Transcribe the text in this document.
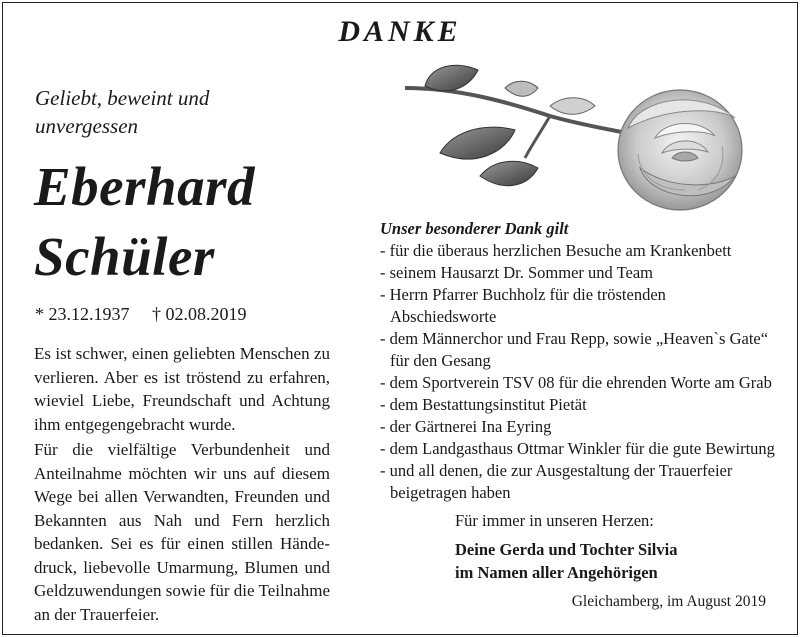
DANKE
Geliebt, beweint und
unvergessen
Eberhard
Schüler
* 23.12.1937 † 02.08.2019
Es ist schwer, einen geliebten Menschen zu verlieren. Aber es ist tröstend zu erfahren, wieviel Liebe, Freundschaft und Achtung ihm entgegengebracht wurde.
Für die vielfältige Verbundenheit und Anteilnahme möchten wir uns auf diesem Wege bei allen Verwandten, Freunden und Bekannten aus Nah und Fern herzlich bedanken. Sei es für einen stillen Händedruck, liebevolle Umarmung, Blumen und Geldzuwendungen sowie für die Teilnahme an der Trauerfeier.
Unser besonderer Dank gilt
- für die überaus herzlichen Besuche am Krankenbett
- seinem Hausarzt Dr. Sommer und Team
- Herrn Pfarrer Buchholz für die tröstenden
Abschiedsworte
- dem Männerchor und Frau Repp, sowie „Heaven`s Gate“
für den Gesang
- dem Sportverein TSV 08 für die ehrenden Worte am Grab
- dem Bestattungsinstitut Pietät
- der Gärtnerei Ina Eyring
- dem Landgasthaus Ottmar Winkler für die gute Bewirtung
- und all denen, die zur Ausgestaltung der Trauerfeier
beigetragen haben
Für immer in unseren Herzen:
Deine Gerda und Tochter Silvia
im Namen aller Angehörigen
Gleichamberg, im August 2019
